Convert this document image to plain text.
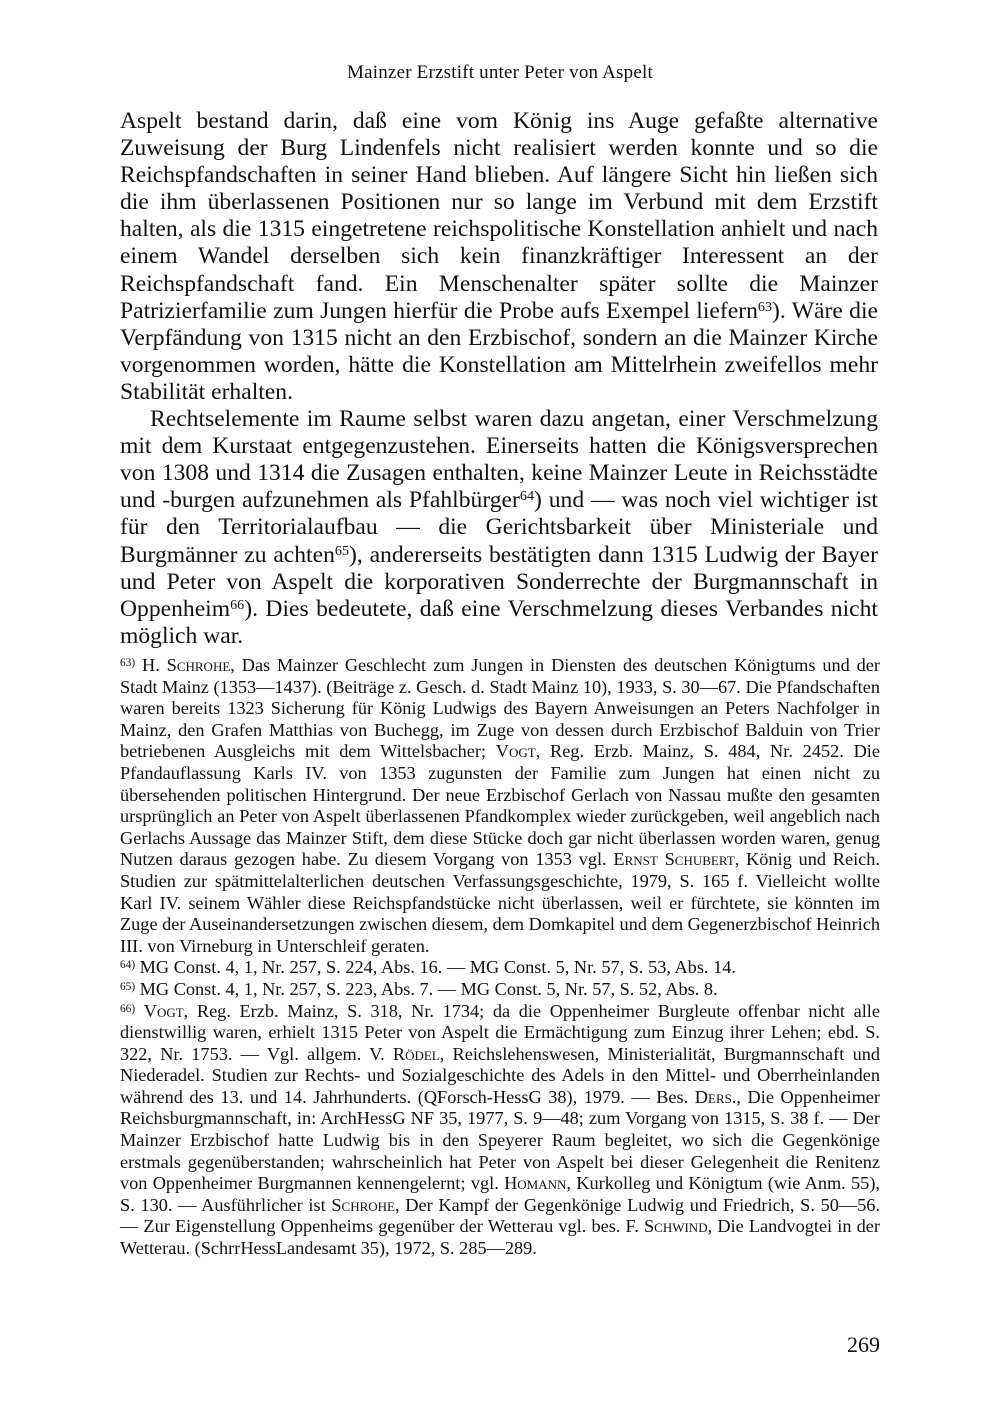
Mainzer Erzstift unter Peter von Aspelt

Aspelt bestand darin, daß eine vom König ins Auge gefaßte alternative Zuweisung der Burg Lindenfels nicht realisiert werden konnte und so die Reichspfandschaften in seiner Hand blieben. Auf längere Sicht hin ließen sich die ihm überlassenen Positionen nur so lange im Verbund mit dem Erzstift halten, als die 1315 eingetretene reichspolitische Konstellation anhielt und nach einem Wandel derselben sich kein finanzkräftiger Interessent an der Reichspfandschaft fand. Ein Menschenalter später sollte die Mainzer Patrizierfamilie zum Jungen hierfür die Probe aufs Exempel liefern$^{63}$). Wäre die Verpfändung von 1315 nicht an den Erzbischof, sondern an die Mainzer Kirche vorgenommen worden, hätte die Konstellation am Mittelrhein zweifellos mehr Stabilität erhalten.

Rechtselemente im Raume selbst waren dazu angetan, einer Verschmelzung mit dem Kurstaat entgegenzustehen. Einerseits hatten die Königsversprechen von 1308 und 1314 die Zusagen enthalten, keine Mainzer Leute in Reichsstädte und -burgen aufzunehmen als Pfahlbürger$^{64}$) und — was noch viel wichtiger ist für den Territorialaufbau — die Gerichtsbarkeit über Ministeriale und Burgmänner zu achten$^{65}$), andererseits bestätigten dann 1315 Ludwig der Bayer und Peter von Aspelt die korporativen Sonderrechte der Burgmannschaft in Oppenheim$^{66}$). Dies bedeutete, daß eine Verschmelzung dieses Verbandes nicht möglich war.

$^{63)}$ H. Schrohe, Das Mainzer Geschlecht zum Jungen in Diensten des deutschen Königtums und der Stadt Mainz (1353—1437). (Beiträge z. Gesch. d. Stadt Mainz 10), 1933, S. 30—67. Die Pfandschaften waren bereits 1323 Sicherung für König Ludwigs des Bayern Anweisungen an Peters Nachfolger in Mainz, den Grafen Matthias von Buchegg, im Zuge von dessen durch Erzbischof Balduin von Trier betriebenen Ausgleichs mit dem Wittelsbacher; Vogt, Reg. Erzb. Mainz, S. 484, Nr. 2452. Die Pfandauflassung Karls IV. von 1353 zugunsten der Familie zum Jungen hat einen nicht zu übersehenden politischen Hintergrund. Der neue Erzbischof Gerlach von Nassau mußte den gesamten ursprünglich an Peter von Aspelt überlassenen Pfandkomplex wieder zurückgeben, weil angeblich nach Gerlachs Aussage das Mainzer Stift, dem diese Stücke doch gar nicht überlassen worden waren, genug Nutzen daraus gezogen habe. Zu diesem Vorgang von 1353 vgl. Ernst Schubert, König und Reich. Studien zur spätmittelalterlichen deutschen Verfassungsgeschichte, 1979, S. 165 f. Vielleicht wollte Karl IV. seinem Wähler diese Reichspfandstücke nicht überlassen, weil er fürchtete, sie könnten im Zuge der Auseinandersetzungen zwischen diesem, dem Domkapitel und dem Gegenerzbischof Heinrich III. von Virneburg in Unterschleif geraten.

$^{64)}$ MG Const. 4, 1, Nr. 257, S. 224, Abs. 16. — MG Const. 5, Nr. 57, S. 53, Abs. 14.

$^{65)}$ MG Const. 4, 1, Nr. 257, S. 223, Abs. 7. — MG Const. 5, Nr. 57, S. 52, Abs. 8.

$^{66)}$ Vogt, Reg. Erzb. Mainz, S. 318, Nr. 1734; da die Oppenheimer Burgleute offenbar nicht alle dienstwillig waren, erhielt 1315 Peter von Aspelt die Ermächtigung zum Einzug ihrer Lehen; ebd. S. 322, Nr. 1753. — Vgl. allgem. V. Rödel, Reichslehenswesen, Ministerialität, Burgmannschaft und Niederadel. Studien zur Rechts- und Sozialgeschichte des Adels in den Mittel- und Oberrheinlanden während des 13. und 14. Jahrhunderts. (QForsch-HessG 38), 1979. — Bes. Ders., Die Oppenheimer Reichsburgmannschaft, in: ArchHessG NF 35, 1977, S. 9—48; zum Vorgang von 1315, S. 38 f. — Der Mainzer Erzbischof hatte Ludwig bis in den Speyerer Raum begleitet, wo sich die Gegenkönige erstmals gegenüberstanden; wahrscheinlich hat Peter von Aspelt bei dieser Gelegenheit die Renitenz von Oppenheimer Burgmannen kennengelernt; vgl. Homann, Kurkolleg und Königtum (wie Anm. 55), S. 130. — Ausführlicher ist Schrohe, Der Kampf der Gegenkönige Ludwig und Friedrich, S. 50—56. — Zur Eigenstellung Oppenheims gegenüber der Wetterau vgl. bes. F. Schwind, Die Landvogtei in der Wetterau. (SchrrHessLandesamt 35), 1972, S. 285—289.

269
